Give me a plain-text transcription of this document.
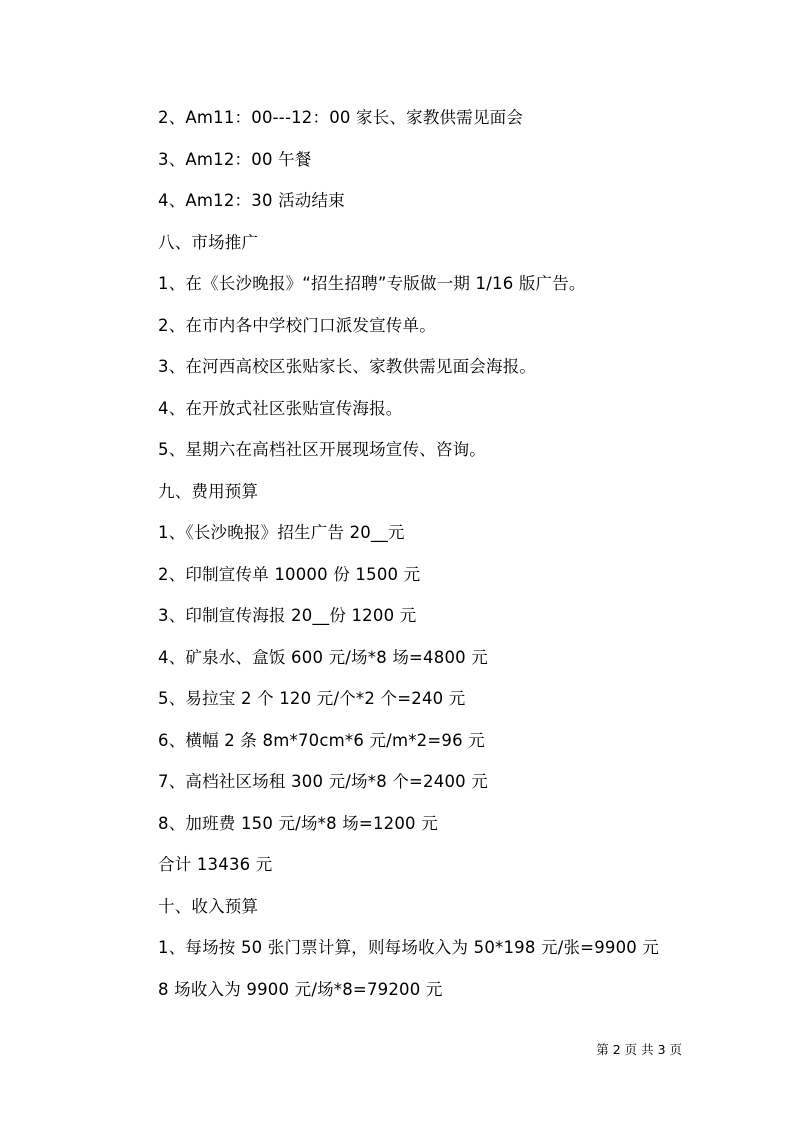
2、Am11：00---12：00 家长、家教供需见面会
3、Am12：00 午餐
4、Am12：30 活动结束
八、市场推广
1、在《长沙晚报》“招生招聘”专版做一期 1/16 版广告。
2、在市内各中学校门口派发宣传单。
3、在河西高校区张贴家长、家教供需见面会海报。
4、在开放式社区张贴宣传海报。
5、星期六在高档社区开展现场宣传、咨询。
九、费用预算
1、《长沙晚报》招生广告 20__元
2、印制宣传单 10000 份 1500 元
3、印制宣传海报 20__份 1200 元
4、矿泉水、盒饭 600 元/场*8 场=4800 元
5、易拉宝 2 个 120 元/个*2 个=240 元
6、横幅 2 条 8m*70cm*6 元/m*2=96 元
7、高档社区场租 300 元/场*8 个=2400 元
8、加班费 150 元/场*8 场=1200 元
合计 13436 元
十、收入预算
1、每场按 50 张门票计算，则每场收入为 50*198 元/张=9900 元
8 场收入为 9900 元/场*8=79200 元
第 2 页 共 3 页
